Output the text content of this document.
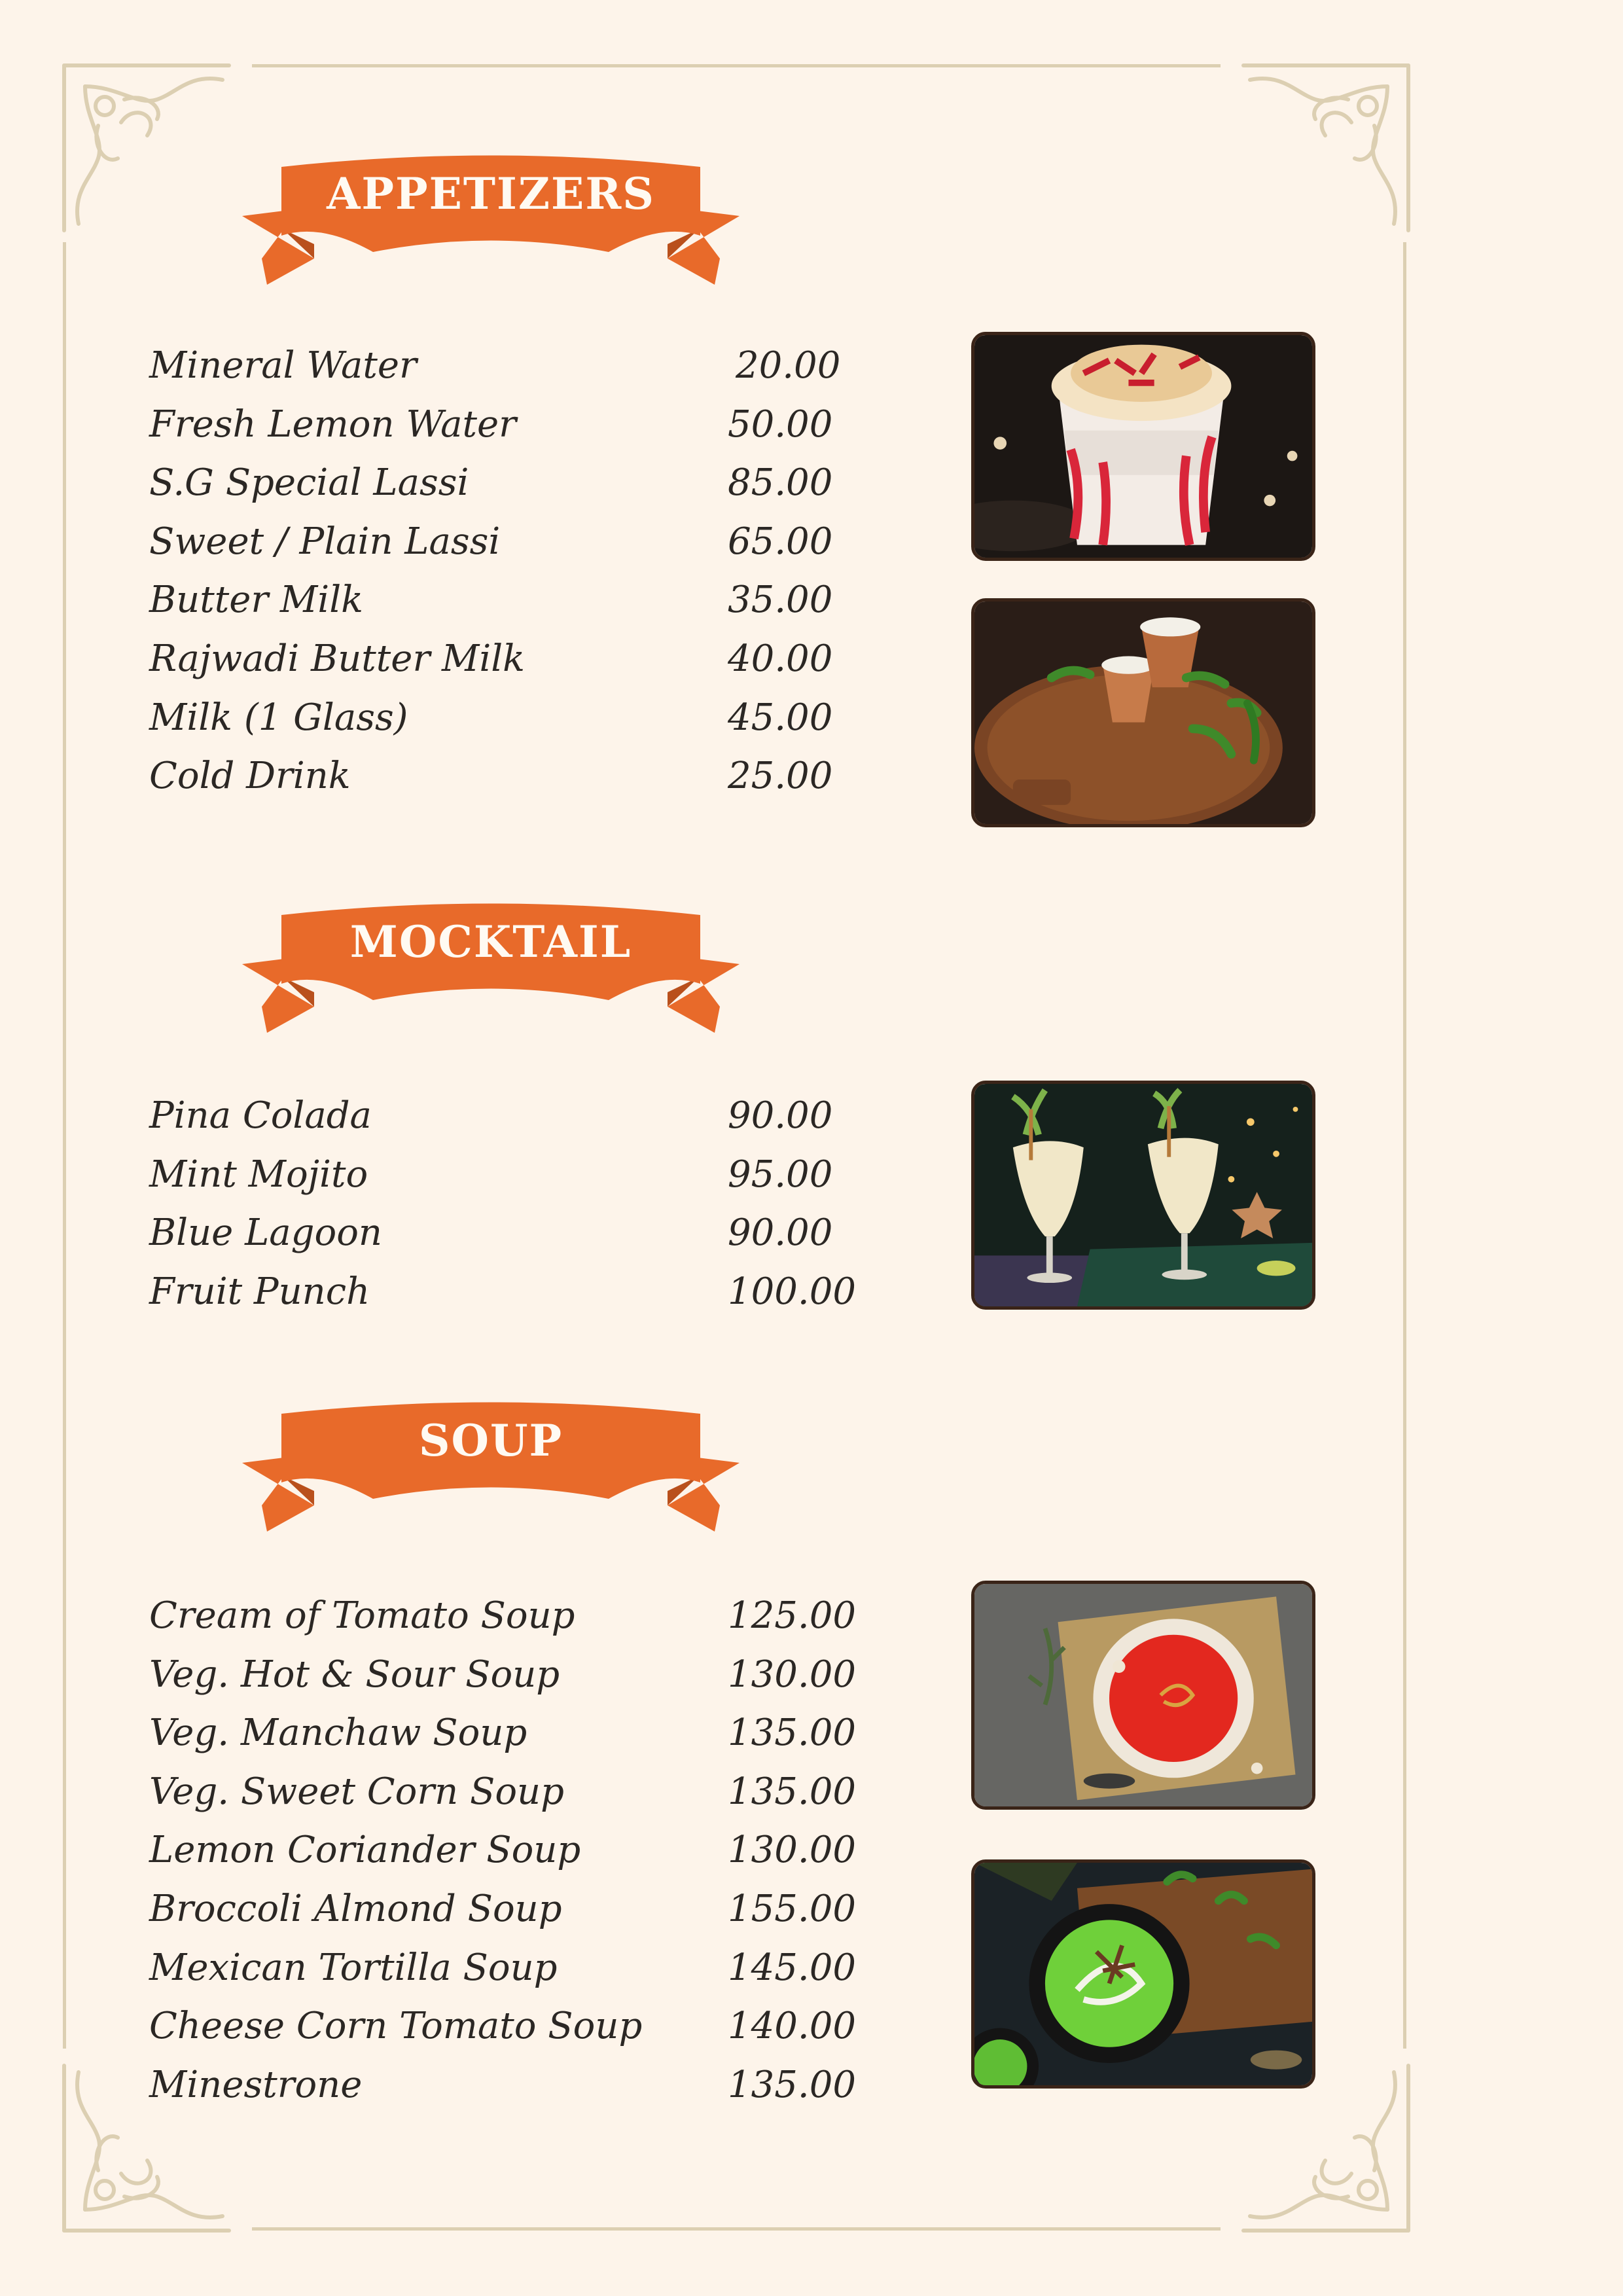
APPETIZERS
Mineral Water	20.00
Fresh Lemon Water	50.00
S.G Special Lassi	85.00
Sweet / Plain Lassi	65.00
Butter Milk	35.00
Rajwadi Butter Milk	40.00
Milk (1 Glass)	45.00
Cold Drink	25.00
MOCKTAIL
Pina Colada	90.00
Mint Mojito	95.00
Blue Lagoon	90.00
Fruit Punch	100.00
SOUP
Cream of Tomato Soup	125.00
Veg. Hot & Sour Soup	130.00
Veg. Manchaw Soup	135.00
Veg. Sweet Corn Soup	135.00
Lemon Coriander Soup	130.00
Broccoli Almond Soup	155.00
Mexican Tortilla Soup	145.00
Cheese Corn Tomato Soup 140.00
Minestrone	135.00
